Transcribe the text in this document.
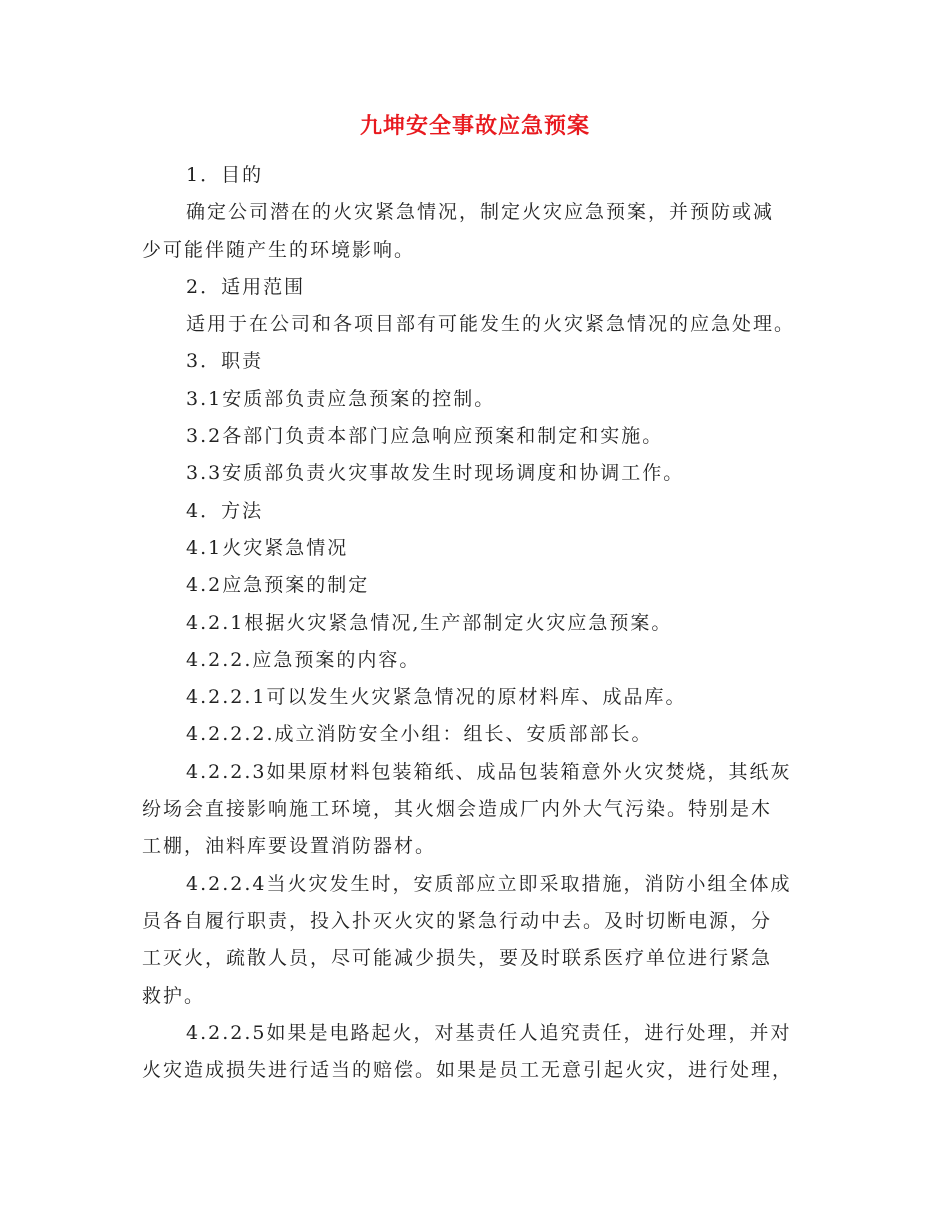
九坤安全事故应急预案

1．目的

确定公司潜在的火灾紧急情况，制定火灾应急预案，并预防或减
少可能伴随产生的环境影响。

2．适用范围

适用于在公司和各项目部有可能发生的火灾紧急情况的应急处理。

3．职责

3.1安质部负责应急预案的控制。

3.2各部门负责本部门应急响应预案和制定和实施。

3.3安质部负责火灾事故发生时现场调度和协调工作。

4．方法

4.1火灾紧急情况

4.2应急预案的制定

4.2.1根据火灾紧急情况,生产部制定火灾应急预案。

4.2.2.应急预案的内容。

4.2.2.1可以发生火灾紧急情况的原材料库、成品库。

4.2.2.2.成立消防安全小组：组长、安质部部长。

4.2.2.3如果原材料包装箱纸、成品包装箱意外火灾焚烧，其纸灰
纷场会直接影响施工环境，其火烟会造成厂内外大气污染。特别是木
工棚，油料库要设置消防器材。

4.2.2.4当火灾发生时，安质部应立即采取措施，消防小组全体成
员各自履行职责，投入扑灭火灾的紧急行动中去。及时切断电源，分
工灭火，疏散人员，尽可能减少损失，要及时联系医疗单位进行紧急
救护。

4.2.2.5如果是电路起火，对基责任人追究责任，进行处理，并对
火灾造成损失进行适当的赔偿。如果是员工无意引起火灾，进行处理，
